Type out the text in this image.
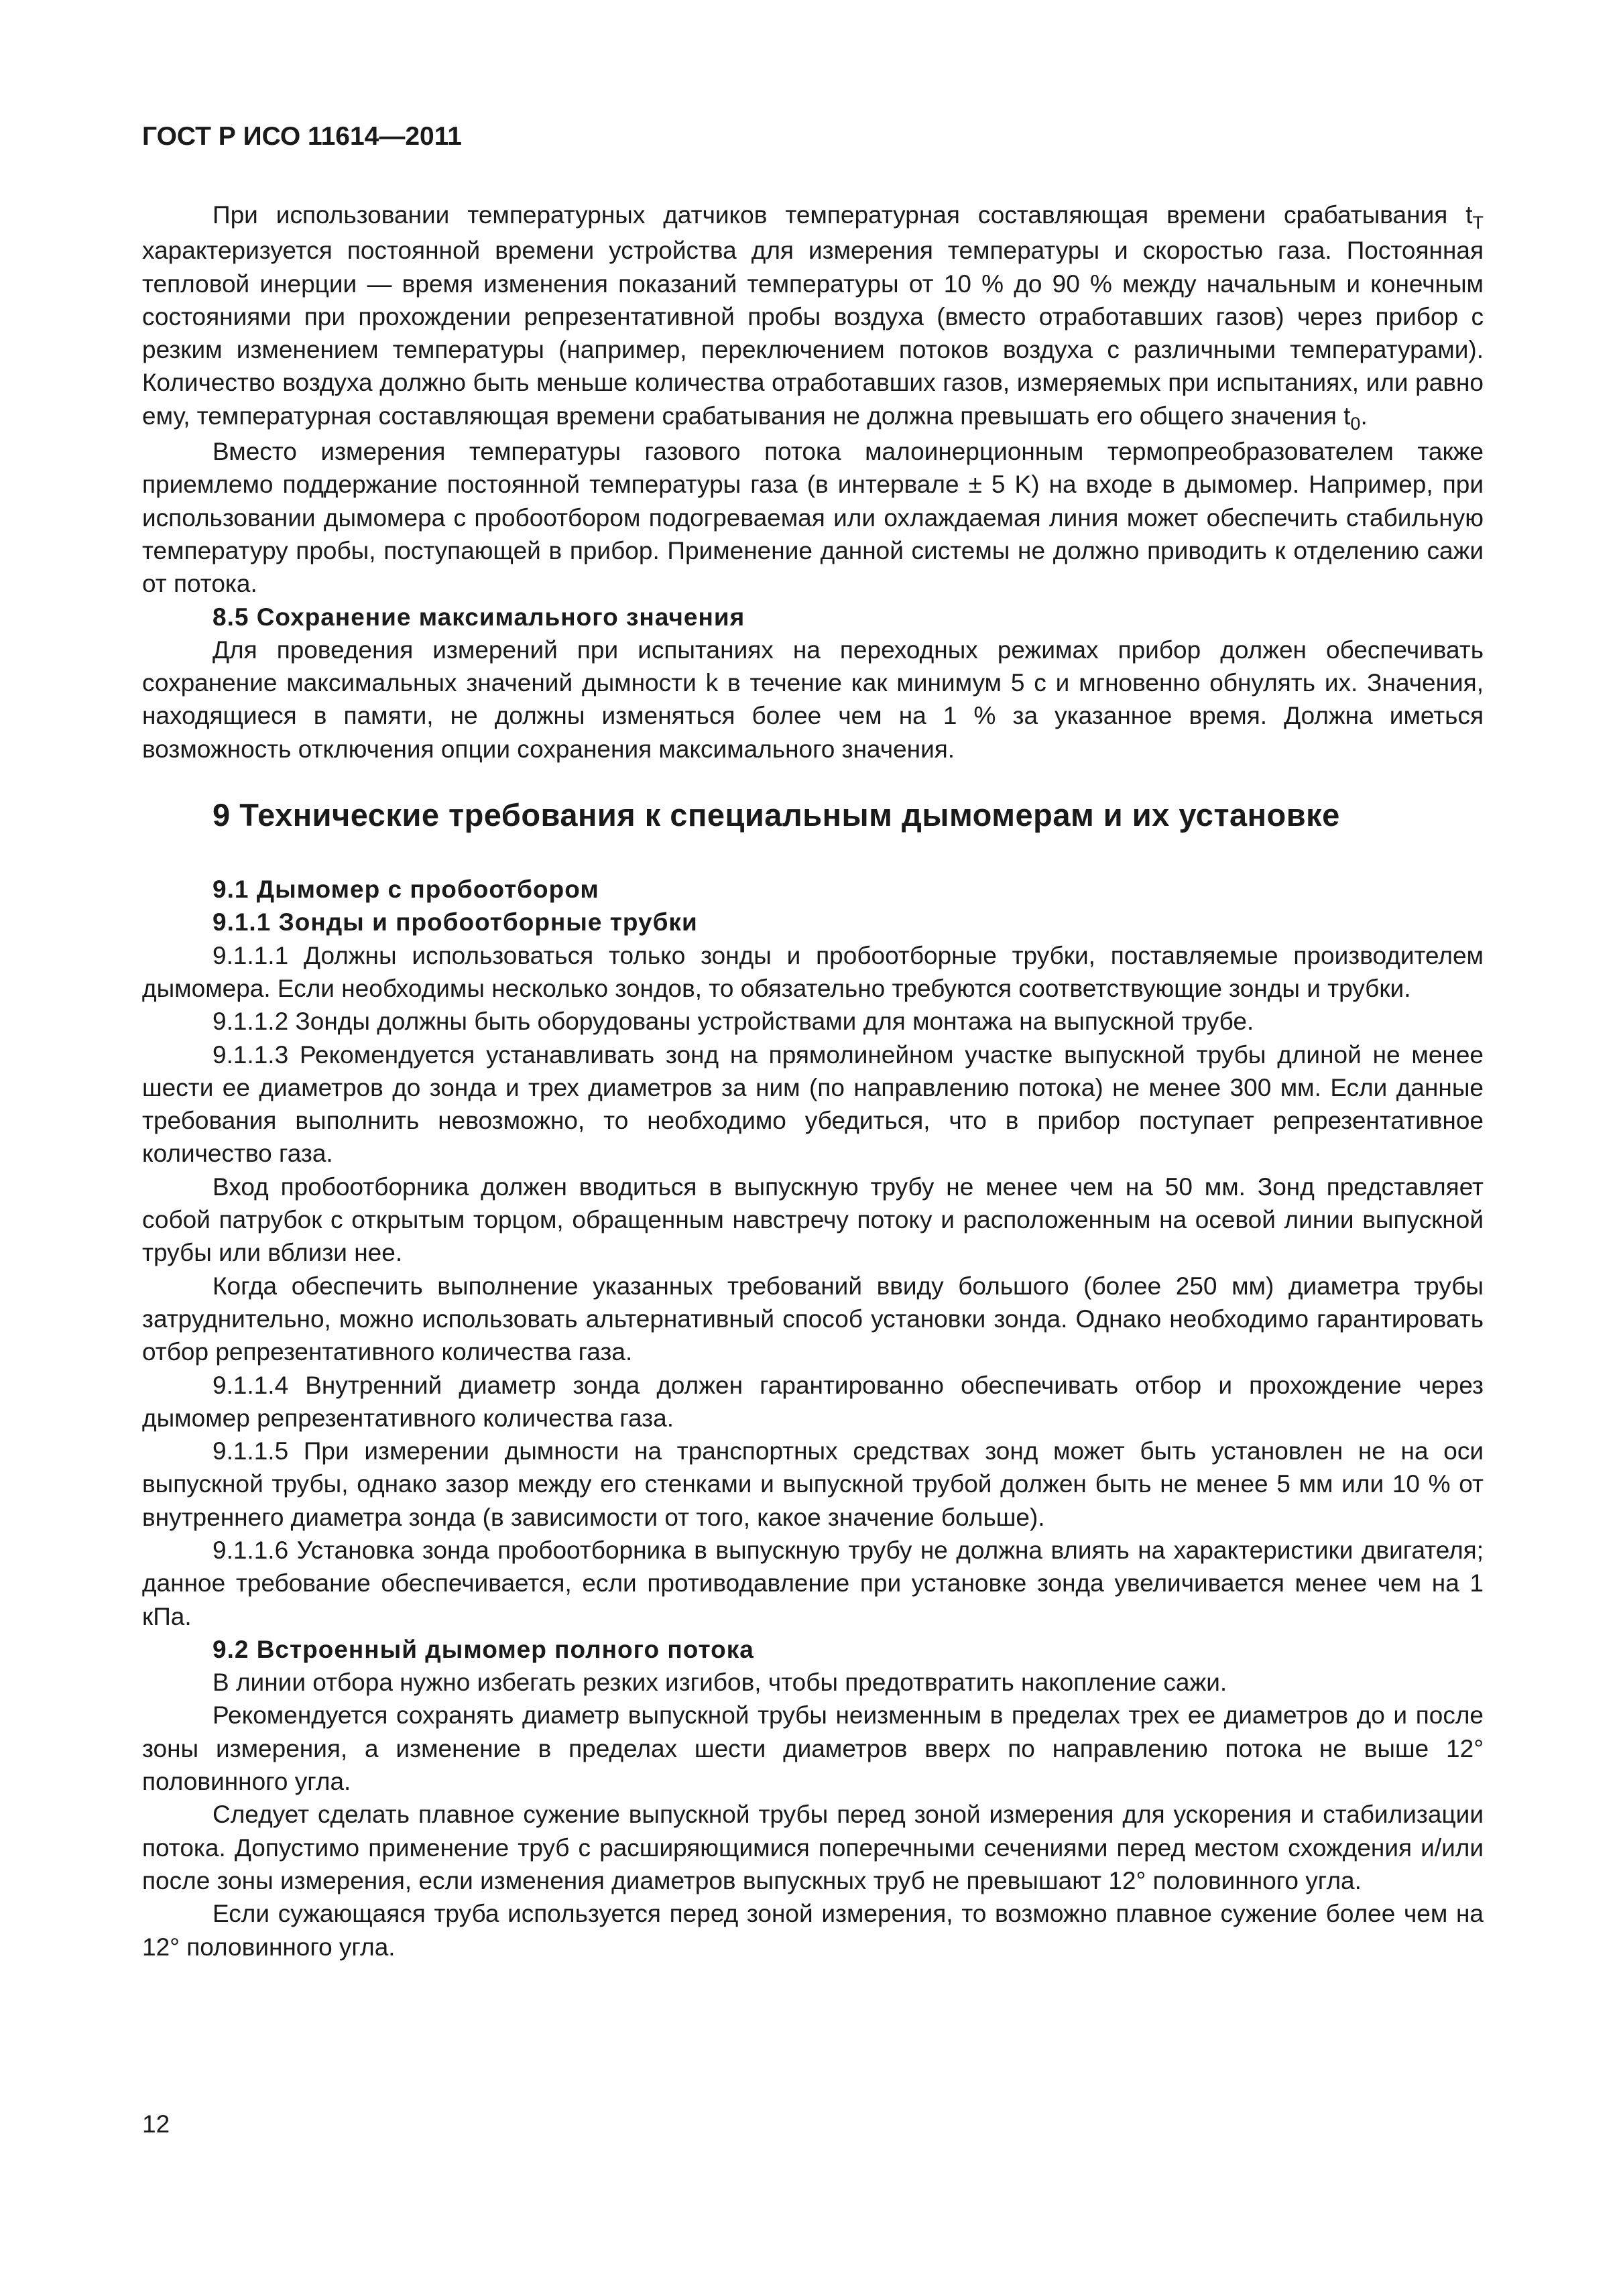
ГОСТ Р ИСО 11614—2011

При использовании температурных датчиков температурная составляющая времени срабатывания $t_T$ характеризуется постоянной времени устройства для измерения температуры и скоростью газа. Постоянная тепловой инерции — время изменения показаний температуры от 10 % до 90 % между начальным и конечным состояниями при прохождении репрезентативной пробы воздуха (вместо отработавших газов) через прибор с резким изменением температуры (например, переключением потоков воздуха с различными температурами). Количество воздуха должно быть меньше количества отработавших газов, измеряемых при испытаниях, или равно ему, температурная составляющая времени срабатывания не должна превышать его общего значения $t_0$.

Вместо измерения температуры газового потока малоинерционным термопреобразователем также приемлемо поддержание постоянной температуры газа (в интервале ± 5 K) на входе в дымомер. Например, при использовании дымомера с пробоотбором подогреваемая или охлаждаемая линия может обеспечить стабильную температуру пробы, поступающей в прибор. Применение данной системы не должно приводить к отделению сажи от потока.

8.5 Сохранение максимального значения

Для проведения измерений при испытаниях на переходных режимах прибор должен обеспечивать сохранение максимальных значений дымности k в течение как минимум 5 с и мгновенно обнулять их. Значения, находящиеся в памяти, не должны изменяться более чем на 1 % за указанное время. Должна иметься возможность отключения опции сохранения максимального значения.

9 Технические требования к специальным дымомерам и их установке
9.1 Дымомер с пробоотбором
9.1.1 Зонды и пробоотборные трубки

9.1.1.1 Должны использоваться только зонды и пробоотборные трубки, поставляемые производителем дымомера. Если необходимы несколько зондов, то обязательно требуются соответствующие зонды и трубки.

9.1.1.2 Зонды должны быть оборудованы устройствами для монтажа на выпускной трубе.

9.1.1.3 Рекомендуется устанавливать зонд на прямолинейном участке выпускной трубы длиной не менее шести ее диаметров до зонда и трех диаметров за ним (по направлению потока) не менее 300 мм. Если данные требования выполнить невозможно, то необходимо убедиться, что в прибор поступает репрезентативное количество газа.

Вход пробоотборника должен вводиться в выпускную трубу не менее чем на 50 мм. Зонд представляет собой патрубок с открытым торцом, обращенным навстречу потоку и расположенным на осевой линии выпускной трубы или вблизи нее.

Когда обеспечить выполнение указанных требований ввиду большого (более 250 мм) диаметра трубы затруднительно, можно использовать альтернативный способ установки зонда. Однако необходимо гарантировать отбор репрезентативного количества газа.

9.1.1.4 Внутренний диаметр зонда должен гарантированно обеспечивать отбор и прохождение через дымомер репрезентативного количества газа.

9.1.1.5 При измерении дымности на транспортных средствах зонд может быть установлен не на оси выпускной трубы, однако зазор между его стенками и выпускной трубой должен быть не менее 5 мм или 10 % от внутреннего диаметра зонда (в зависимости от того, какое значение больше).

9.1.1.6 Установка зонда пробоотборника в выпускную трубу не должна влиять на характеристики двигателя; данное требование обеспечивается, если противодавление при установке зонда увеличивается менее чем на 1 кПа.

9.2 Встроенный дымомер полного потока

В линии отбора нужно избегать резких изгибов, чтобы предотвратить накопление сажи.

Рекомендуется сохранять диаметр выпускной трубы неизменным в пределах трех ее диаметров до и после зоны измерения, а изменение в пределах шести диаметров вверх по направлению потока не выше 12° половинного угла.

Следует сделать плавное сужение выпускной трубы перед зоной измерения для ускорения и стабилизации потока. Допустимо применение труб с расширяющимися поперечными сечениями перед местом схождения и/или после зоны измерения, если изменения диаметров выпускных труб не превышают 12° половинного угла.

Если сужающаяся труба используется перед зоной измерения, то возможно плавное сужение более чем на 12° половинного угла.

12
